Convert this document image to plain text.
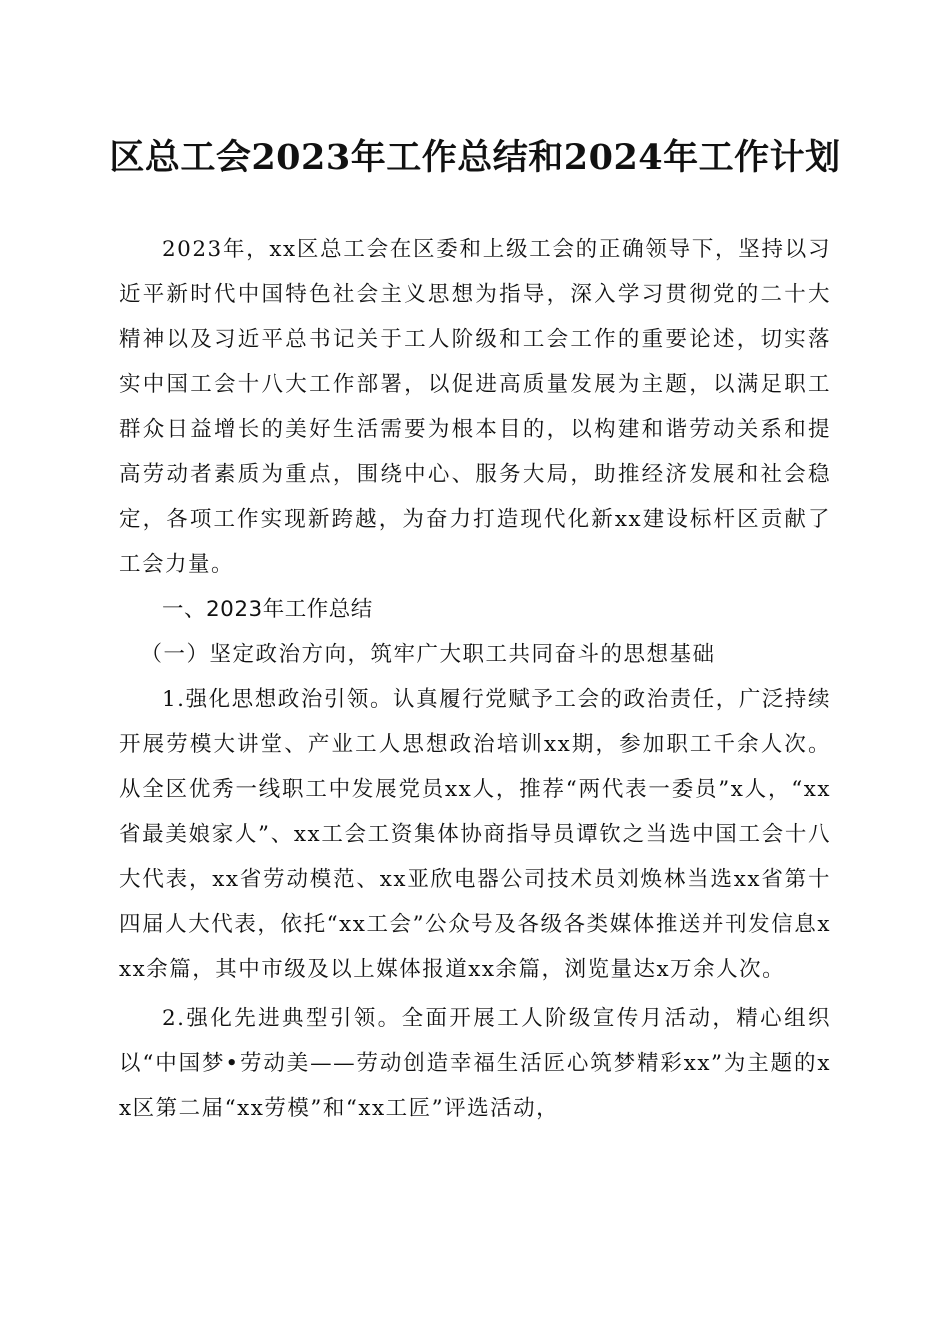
区总工会2023年工作总结和2024年工作计划

2023年，xx区总工会在区委和上级工会的正确领导下，坚持以习近平新时代中国特色社会主义思想为指导，深入学习贯彻党的二十大精神以及习近平总书记关于工人阶级和工会工作的重要论述，切实落实中国工会十八大工作部署，以促进高质量发展为主题，以满足职工群众日益增长的美好生活需要为根本目的，以构建和谐劳动关系和提高劳动者素质为重点，围绕中心、服务大局，助推经济发展和社会稳定，各项工作实现新跨越，为奋力打造现代化新xx建设标杆区贡献了工会力量。

一、2023年工作总结

（一）坚定政治方向，筑牢广大职工共同奋斗的思想基础

1.强化思想政治引领。认真履行党赋予工会的政治责任，广泛持续开展劳模大讲堂、产业工人思想政治培训xx期，参加职工千余人次。从全区优秀一线职工中发展党员xx人，推荐“两代表一委员”x人，“xx省最美娘家人”、xx工会工资集体协商指导员谭钦之当选中国工会十八大代表，xx省劳动模范、xx亚欣电器公司技术员刘焕林当选xx省第十四届人大代表，依托“xx工会”公众号及各级各类媒体推送并刊发信息xxx余篇，其中市级及以上媒体报道xx余篇，浏览量达x万余人次。

2.强化先进典型引领。全面开展工人阶级宣传月活动，精心组织以“中国梦•劳动美——劳动创造幸福生活匠心筑梦精彩xx”为主题的xx区第二届“xx劳模”和“xx工匠”评选活动，
